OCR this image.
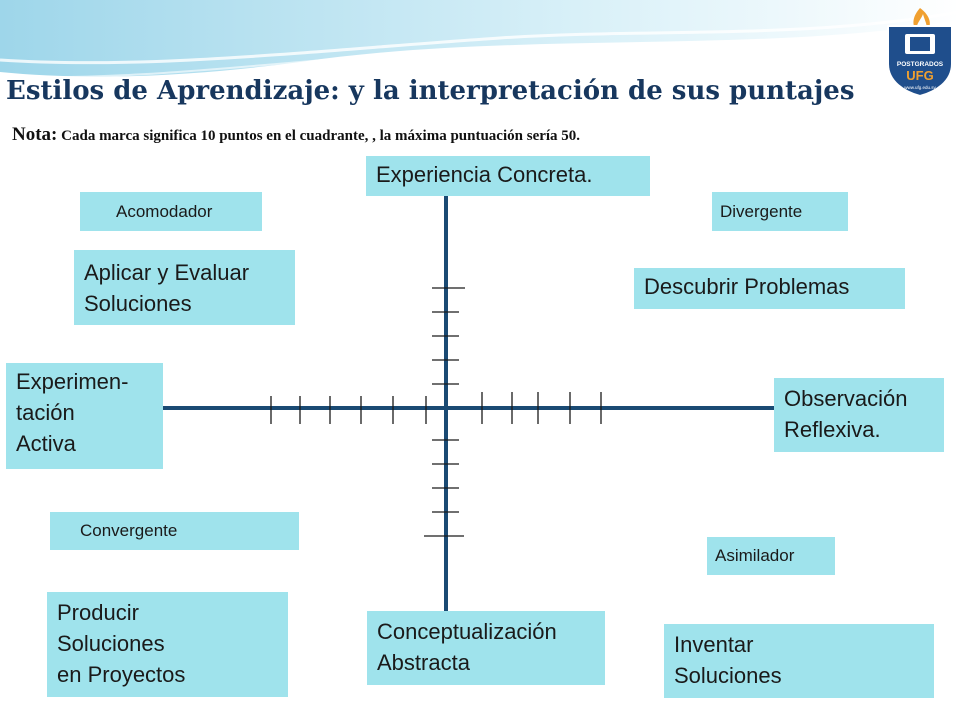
POSTGRADOS
UFG
www.ufg.edu.sv
Estilos de Aprendizaje: y la interpretación de sus puntajes
Nota: Cada marca significa 10 puntos en el cuadrante, , la máxima puntuación sería 50.
Experiencia Concreta.
Conceptualización
Abstracta
Experimen-
tación
Activa
Observación
Reflexiva.
Acomodador	Divergente
Convergente
Asimilador
Aplicar y Evaluar
Soluciones
Descubrir Problemas
Producir
Soluciones
en Proyectos
Inventar
Soluciones
